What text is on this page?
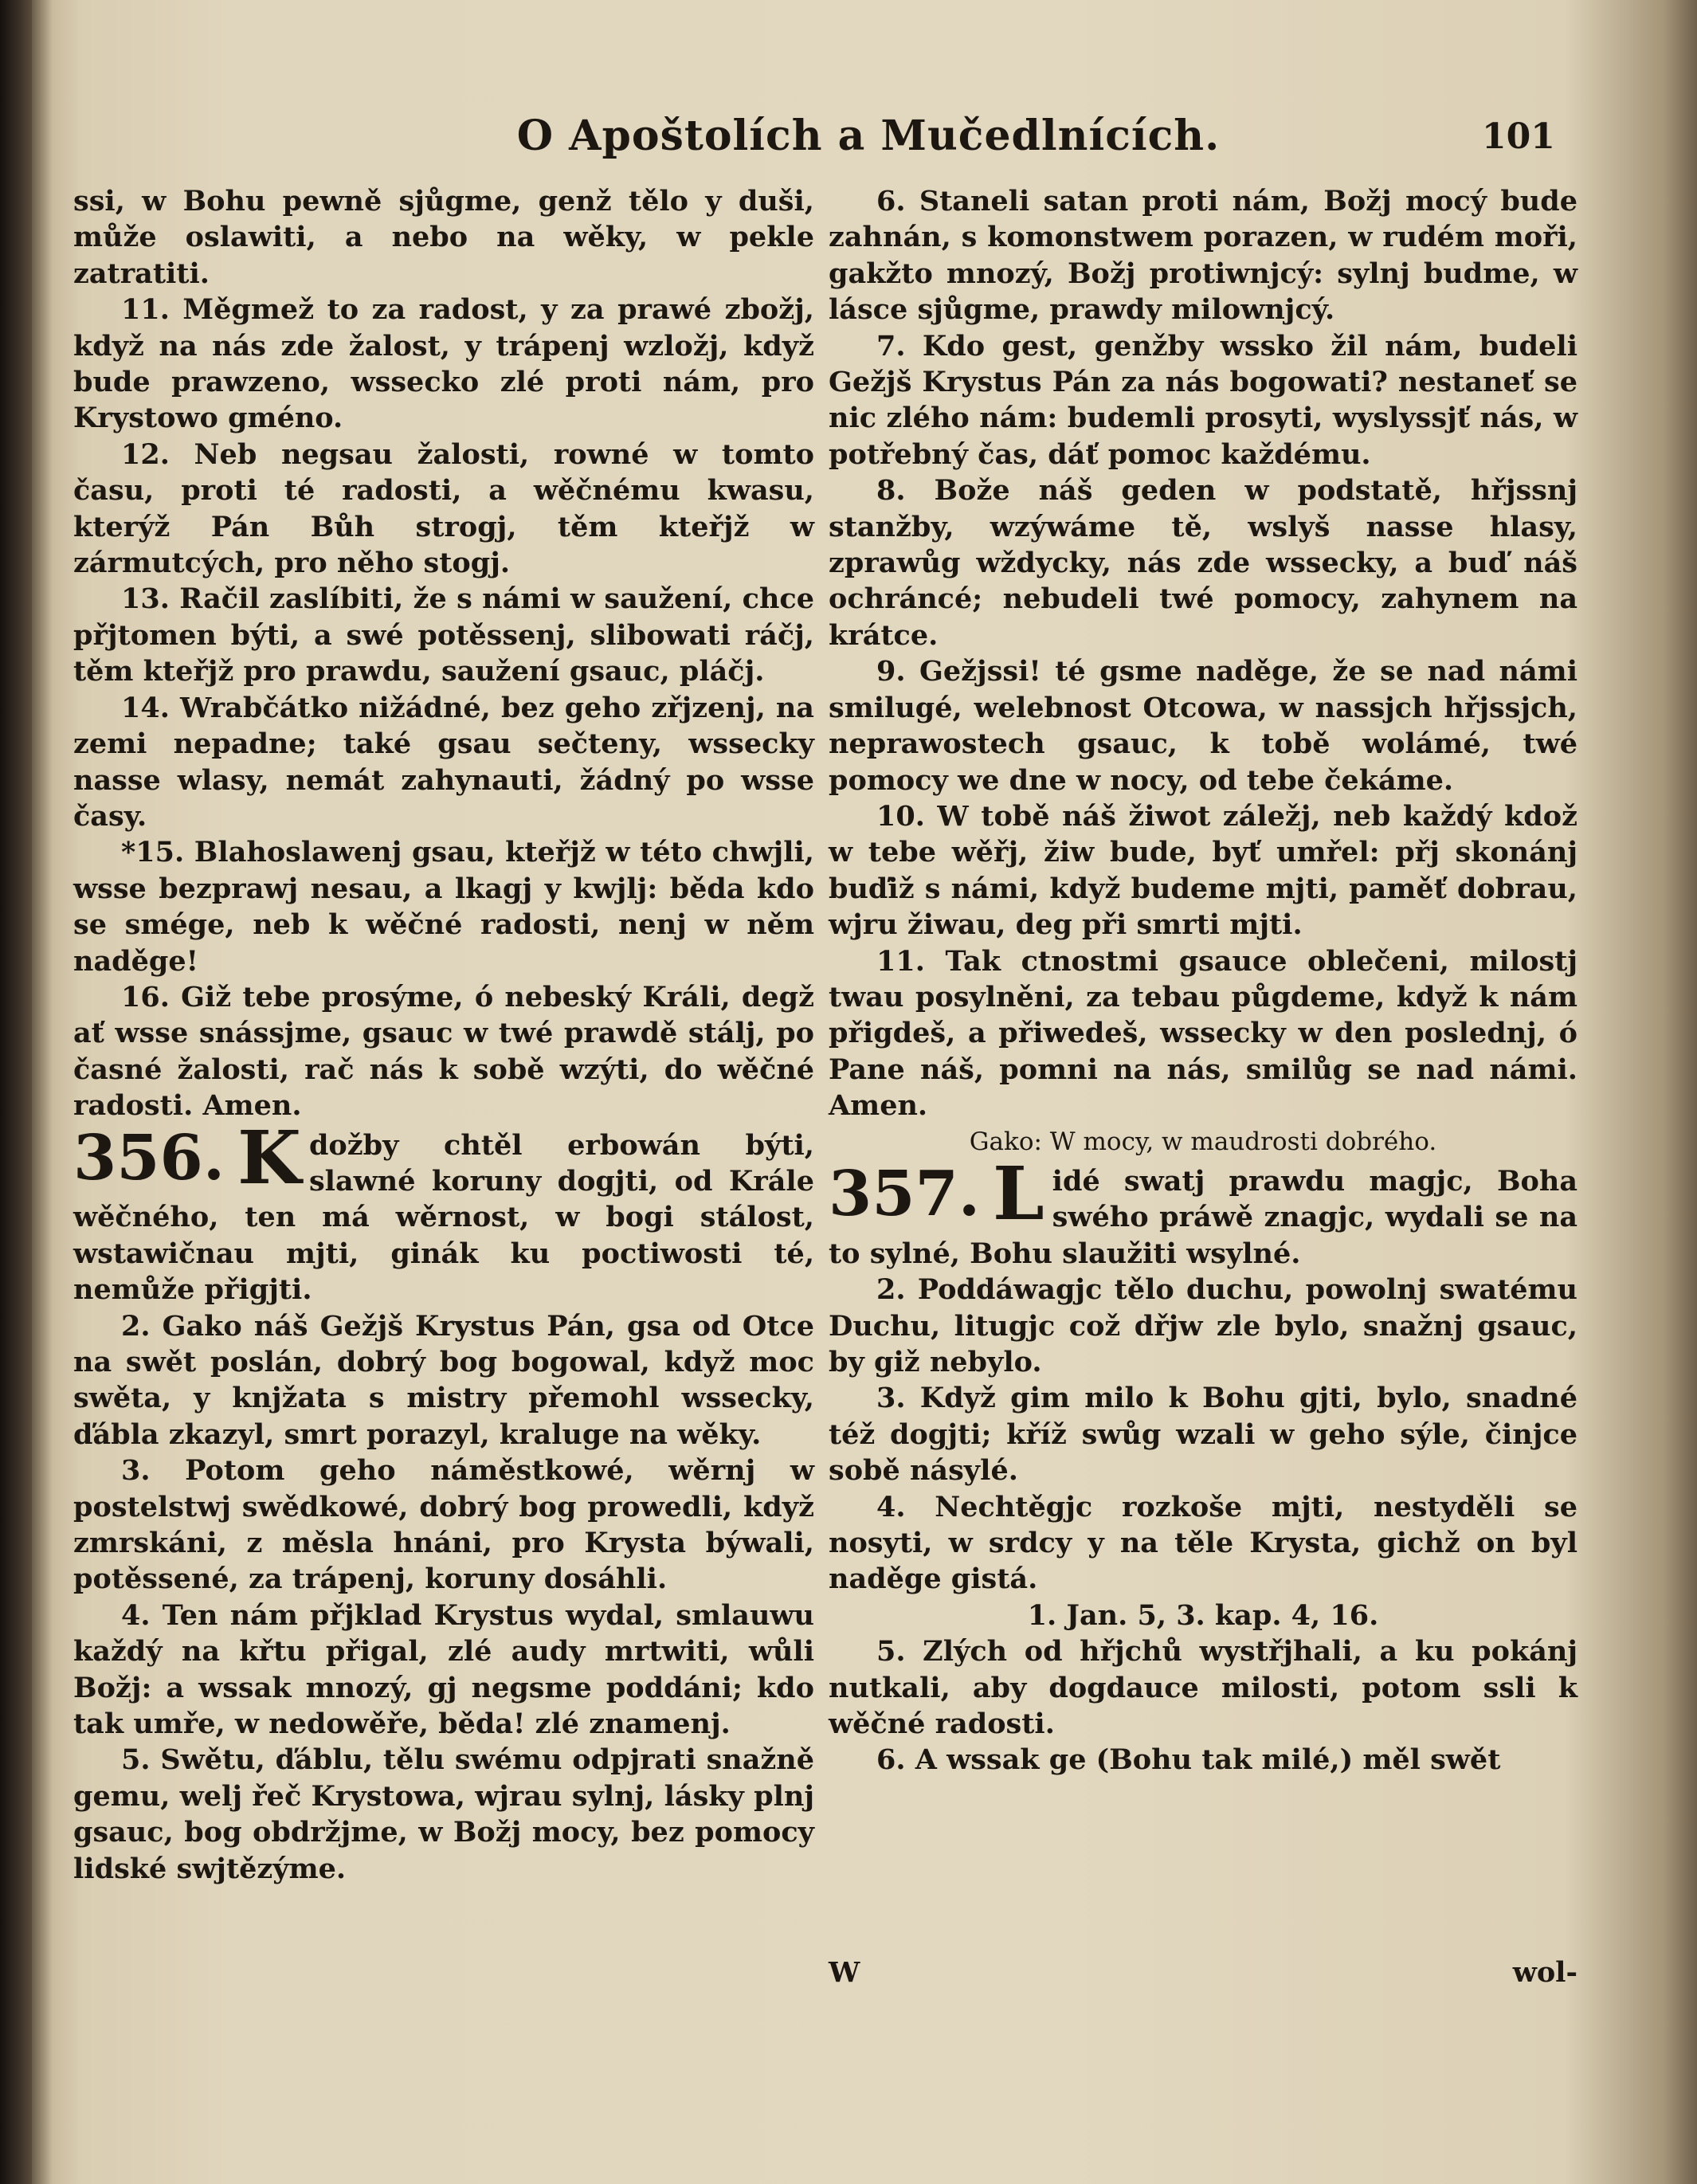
O Apoštolích a Mučedlnících.	101

ssi, w Bohu pewně sjůgme, genž tělo y duši, může oslawiti, a nebo na wěky, w pekle zatratiti.

11. Měgmež to za radost, y za prawé zbožj, když na nás zde žalost, y trápenj wzložj, když bude prawzeno, wsseckо zlé proti nám, pro Krystowo gméno.

12. Neb negsau žalosti, rowné w tomto času, proti té radosti, a wěčnému kwasu, kterýž Pán Bůh strogj, těm kteřjž w zármutcých, pro něho stogj.

13. Račil zaslíbiti, že s námi w saužení, chce přjtomen býti, a swé potěssenj, slibowati ráčj, těm kteřjž pro prawdu, saužení gsauc, pláčj.

14. Wrabčátko nižádné, bez geho zřjzenj, na zemi nepadne; také gsau sečteny, wssecky nasse wlasy, nemát zahynauti, žádný po wsse časy.

*15. Blahoslawenj gsau, kteřjž w této chwjli, wsse bezprawj nesau, a lkagj y kwjlj: běda kdo se smége, neb k wěčné radosti, nenj w něm naděge!

16. Giž tebe prosýme, ó nebeský Králi, degž ať wsse snássjme, gsauc w twé prawdě stálj, po časné žalosti, rač nás k sobě wzýti, do wěčné radosti. Amen.

356. K dožby chtěl erbowán býti, slawné koruny dogjti, od Krále wěčného, ten má wěrnost, w bogi stálost, wstawičnau mjti, ginák ku poctiwosti té, nemůže přigjti.

2. Gako náš Gežjš Krystus Pán, gsa od Otce na swět poslán, dobrý bog bogowal, když moc swěta, y knjžata s mistry přemohl wssecky, ďábla zkazyl, smrt porazyl, kraluge na wěky.

3. Potom geho náměstkowé, wěrnj w postelstwj swědkowé, dobrý bog prowedli, když zmrskáni, z měsla hnáni, pro Krysta býwali, potěssené, za trápenj, koruny dosáhli.

4. Ten nám přjklad Krystus wydal, smlauwu každý na křtu přigal, zlé audy mrtwiti, wůli Božj: a wssak mnozý, gj negsme poddáni; kdo tak umře, w nedowěře, běda! zlé znamenj.

5. Swětu, ďáblu, tělu swému odpjrati snažně gemu, welj řeč Krystowa, wjrau sylnj, lásky plnj gsauc, bog obdržjme, w Božj mocy, bez pomocy lidské swjtězýme.

6. Staneli satan proti nám, Božj mocý bude zahnán, s komonstwem porazen, w rudém moři, gakžto mnozý, Božj protiwnjcý: sylnj budme, w lásce sjůgme, prawdy milownjcý.

7. Kdo gest, genžby wssko žil nám, budeli Gežjš Krystus Pán za nás bogowati? nestaneť se nic zlého nám: budemli prosyti, wyslyssjť nás, w potřebný čas, dáť pomoc každému.

8. Bože náš geden w podstatě, hřjssnj stanžby, wzýwáme tě, wslyš nasse hlasy, zprawůg wždycky, nás zde wssecky, a buď náš ochráncé; nebudeli twé pomocy, zahynem na krátce.

9. Gežjssi! té gsme naděge, že se nad námi smilugé, welebnost Otcowa, w nassjch hřjssjch, neprawostech gsauc, k tobě wolámé, twé pomocy we dne w nocy, od tebe čekáme.

10. W tobě náš žiwot záležj, neb každý kdož w tebe wěřj, žiw bude, byť umřel: přj skonánj buďiž s námi, když budeme mjti, paměť dobrau, wjru žiwau, deg při smrti mjti.

11. Tak ctnostmi gsauce oblečeni, milostj twau posylněni, za tebau půgdeme, když k nám přigdeš, a přiwedeš, wssecky w den poslednj, ó Pane náš, pomni na nás, smilůg se nad námi. Amen.

Gako: W mocy, w maudrosti dobrého.

357. L idé swatj prawdu magjc, Boha swého práwě znagjc, wydali se na to sylné, Bohu slaužiti wsylné.

2. Poddáwagjc tělo duchu, powolnj swatému Duchu, litugjc což dřjw zle bylo, snažnj gsauc, by giž nebylo.

3. Když gim milo k Bohu gjti, bylo, snadné též dogjti; kříž swůg wzali w geho sýle, činjce sobě násylé.

4. Nechtěgjc rozkoše mjti, nestyděli se nosyti, w srdcy y na těle Krysta, gichž on byl naděge gistá.

1. Jan. 5, 3. kap. 4, 16.

5. Zlých od hřjchů wystřjhali, a ku pokánj nutkali, aby dogdauce milosti, potom ssli k wěčné radosti.

6. A wssak ge (Bohu tak milé,) měl swět

W	wol-
